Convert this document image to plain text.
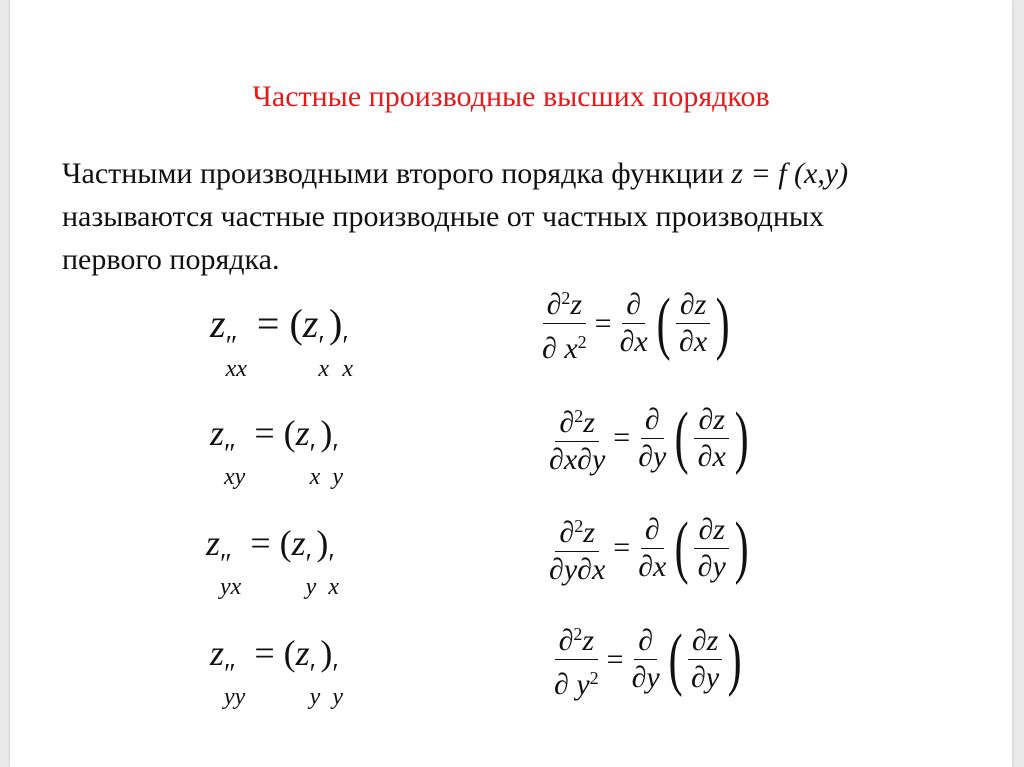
Частные производные высших порядков
Частными производными второго порядка функции z = f (x,y)
называются частные производные от частных производных
первого порядка.
z
″
xx
= (z
′
x
)
′
x
z
″
xy
= (z
′
x
)
′
y
z
″
yx
= (z
′
y
)
′
x
z
″
yy
= (z
′
y
)
′
y
$\frac{\partial^2z}{\partial x^2} = \frac{\partial}{\partial x}$ ( $\frac{\partial z}{\partial x}$ )
$\frac{\partial^2z}{\partial x\partial y} = \frac{\partial}{\partial y}$ ( $\frac{\partial z}{\partial x}$ )
$\frac{\partial^2z}{\partial y\partial x} = \frac{\partial}{\partial x}$ ( $\frac{\partial z}{\partial y}$ )
$\frac{\partial^2z}{\partial y^2} = \frac{\partial}{\partial y}$ ( $\frac{\partial z}{\partial y}$ )
